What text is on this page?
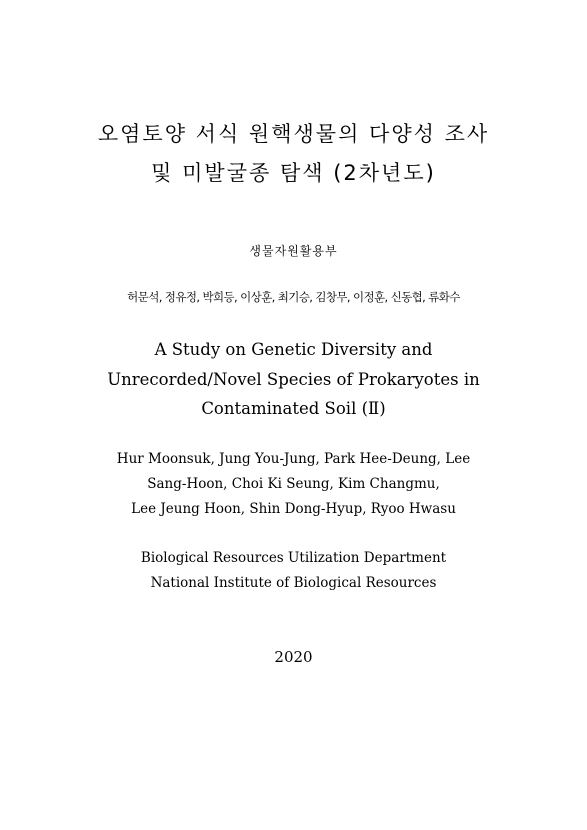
오염토양 서식 원핵생물의 다양성 조사
및 미발굴종 탐색 (2차년도)
생물자원활용부
허문석, 정유정, 박희등, 이상훈, 최기승, 김창무, 이정훈, 신동협, 류화수
A Study on Genetic Diversity and
Unrecorded/Novel Species of Prokaryotes in
Contaminated Soil (Ⅱ)
Hur Moonsuk, Jung You-Jung, Park Hee-Deung, Lee
Sang-Hoon, Choi Ki Seung, Kim Changmu,
Lee Jeung Hoon, Shin Dong-Hyup, Ryoo Hwasu
Biological Resources Utilization Department
National Institute of Biological Resources
2020
